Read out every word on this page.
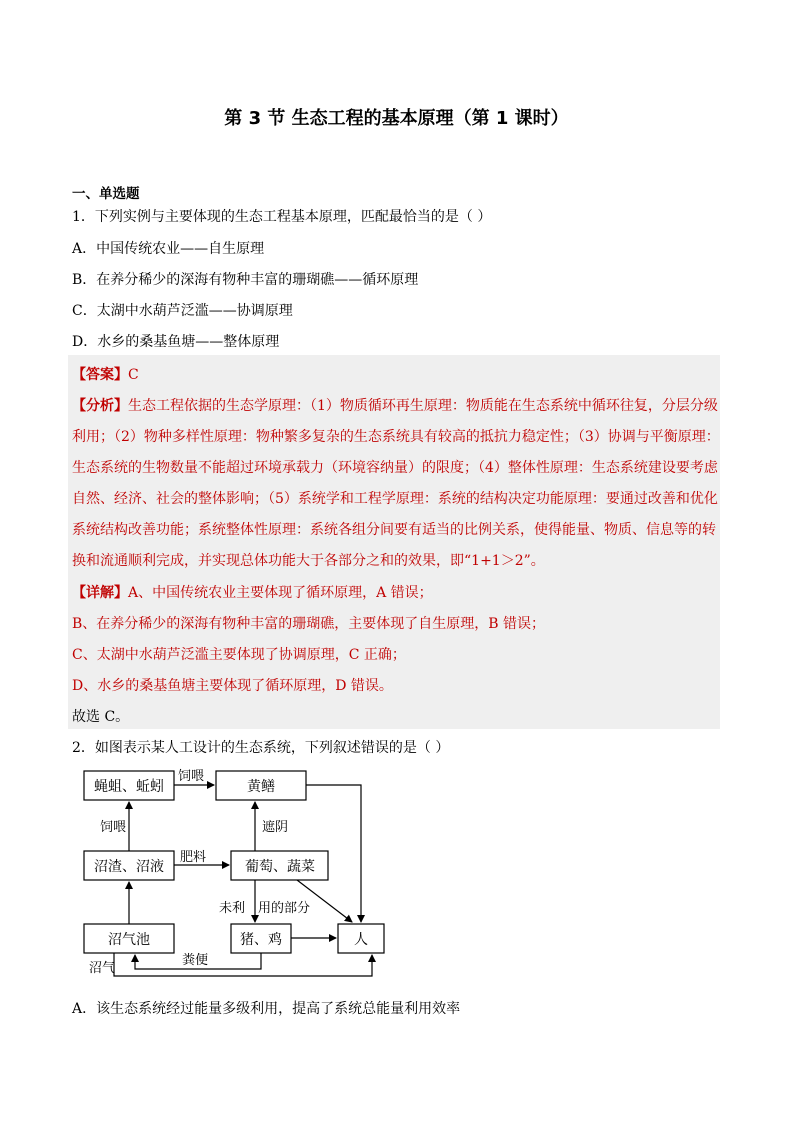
第 3 节 生态工程的基本原理（第 1 课时）
一、单选题
1．下列实例与主要体现的生态工程基本原理，匹配最恰当的是（ ）
A．中国传统农业——自生原理
B．在养分稀少的深海有物种丰富的珊瑚礁——循环原理
C．太湖中水葫芦泛滥——协调原理
D．水乡的桑基鱼塘——整体原理
【答案】C
【分析】生态工程依据的生态学原理：（1）物质循环再生原理：物质能在生态系统中循环往复，分层分级
利用；（2）物种多样性原理：物种繁多复杂的生态系统具有较高的抵抗力稳定性；（3）协调与平衡原理：
生态系统的生物数量不能超过环境承载力（环境容纳量）的限度；（4）整体性原理：生态系统建设要考虑
自然、经济、社会的整体影响；（5）系统学和工程学原理：系统的结构决定功能原理：要通过改善和优化
系统结构改善功能；系统整体性原理：系统各组分间要有适当的比例关系，使得能量、物质、信息等的转
换和流通顺利完成，并实现总体功能大于各部分之和的效果，即“1+1＞2”。
【详解】A、中国传统农业主要体现了循环原理，A 错误；
B、在养分稀少的深海有物种丰富的珊瑚礁，主要体现了自生原理，B 错误；
C、太湖中水葫芦泛滥主要体现了协调原理，C 正确；
D、水乡的桑基鱼塘主要体现了循环原理，D 错误。
故选 C。
2．如图表示某人工设计的生态系统，下列叙述错误的是（ ）
蝇蛆、蚯蚓	黄鳝
沼渣、沼液	葡萄、蔬菜
沼气池	猪、鸡	人
饲喂
饲喂	遮阴
肥料
未利 用的部分
粪便
沼气
A．该生态系统经过能量多级利用，提高了系统总能量利用效率
